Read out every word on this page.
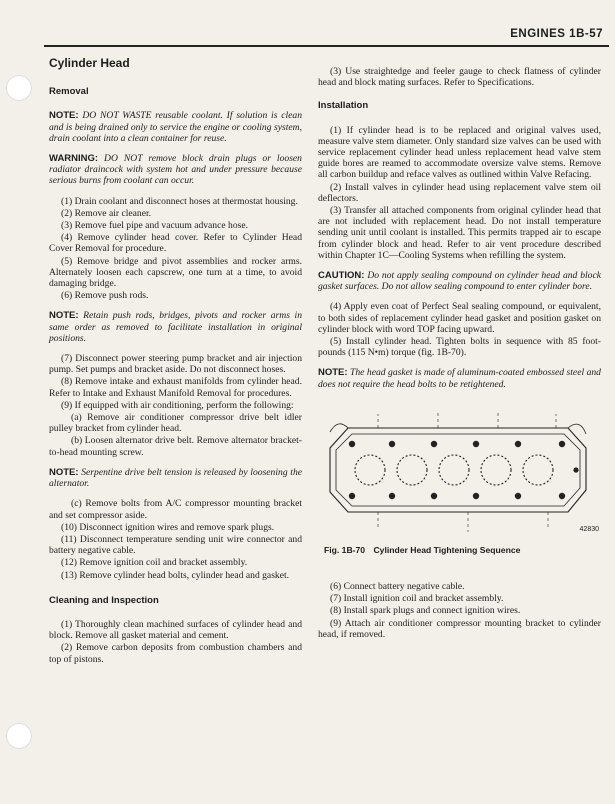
ENGINES 1B-57
Cylinder Head
Removal

NOTE: DO NOT WASTE reusable coolant. If solution is clean and is being drained only to service the engine or cooling system, drain coolant into a clean container for reuse.

WARNING: DO NOT remove block drain plugs or loosen radiator draincock with system hot and under pressure because serious burns from coolant can occur.

(1) Drain coolant and disconnect hoses at thermostat housing.

(2) Remove air cleaner.

(3) Remove fuel pipe and vacuum advance hose.

(4) Remove cylinder head cover. Refer to Cylinder Head Cover Removal for procedure.

(5) Remove bridge and pivot assemblies and rocker arms. Alternately loosen each capscrew, one turn at a time, to avoid damaging bridge.

(6) Remove push rods.

NOTE: Retain push rods, bridges, pivots and rocker arms in same order as removed to facilitate installation in original positions.

(7) Disconnect power steering pump bracket and air injection pump. Set pumps and bracket aside. Do not disconnect hoses.

(8) Remove intake and exhaust manifolds from cylinder head. Refer to Intake and Exhaust Manifold Removal for procedures.

(9) If equipped with air conditioning, perform the following:

(a) Remove air conditioner compressor drive belt idler pulley bracket from cylinder head.

(b) Loosen alternator drive belt. Remove alternator bracket-to-head mounting screw.

NOTE: Serpentine drive belt tension is released by loosening the alternator.

(c) Remove bolts from A/C compressor mounting bracket and set compressor aside.

(10) Disconnect ignition wires and remove spark plugs.

(11) Disconnect temperature sending unit wire connector and battery negative cable.

(12) Remove ignition coil and bracket assembly.

(13) Remove cylinder head bolts, cylinder head and gasket.

Cleaning and Inspection

(1) Thoroughly clean machined surfaces of cylinder head and block. Remove all gasket material and cement.

(2) Remove carbon deposits from combustion chambers and top of pistons.

(3) Use straightedge and feeler gauge to check flatness of cylinder head and block mating surfaces. Refer to Specifications.

Installation

(1) If cylinder head is to be replaced and original valves used, measure valve stem diameter. Only standard size valves can be used with service replacement cylinder head unless replacement head valve stem guide bores are reamed to accommodate oversize valve stems. Remove all carbon buildup and reface valves as outlined within Valve Refacing.

(2) Install valves in cylinder head using replacement valve stem oil deflectors.

(3) Transfer all attached components from original cylinder head that are not included with replacement head. Do not install temperature sending unit until coolant is installed. This permits trapped air to escape from cylinder block and head. Refer to air vent procedure described within Chapter 1C—Cooling Systems when refilling the system.

CAUTION: Do not apply sealing compound on cylinder head and block gasket surfaces. Do not allow sealing compound to enter cylinder bore.

(4) Apply even coat of Perfect Seal sealing compound, or equivalent, to both sides of replacement cylinder head gasket and position gasket on cylinder block with word TOP facing upward.

(5) Install cylinder head. Tighten bolts in sequence with 85 foot-pounds (115 N•m) torque (fig. 1B-70).

NOTE: The head gasket is made of aluminum-coated embossed steel and does not require the head bolts to be retightened.

42830
Fig. 1B-70 Cylinder Head Tightening Sequence

(6) Connect battery negative cable.

(7) Install ignition coil and bracket assembly.

(8) Install spark plugs and connect ignition wires.

(9) Attach air conditioner compressor mounting bracket to cylinder head, if removed.
